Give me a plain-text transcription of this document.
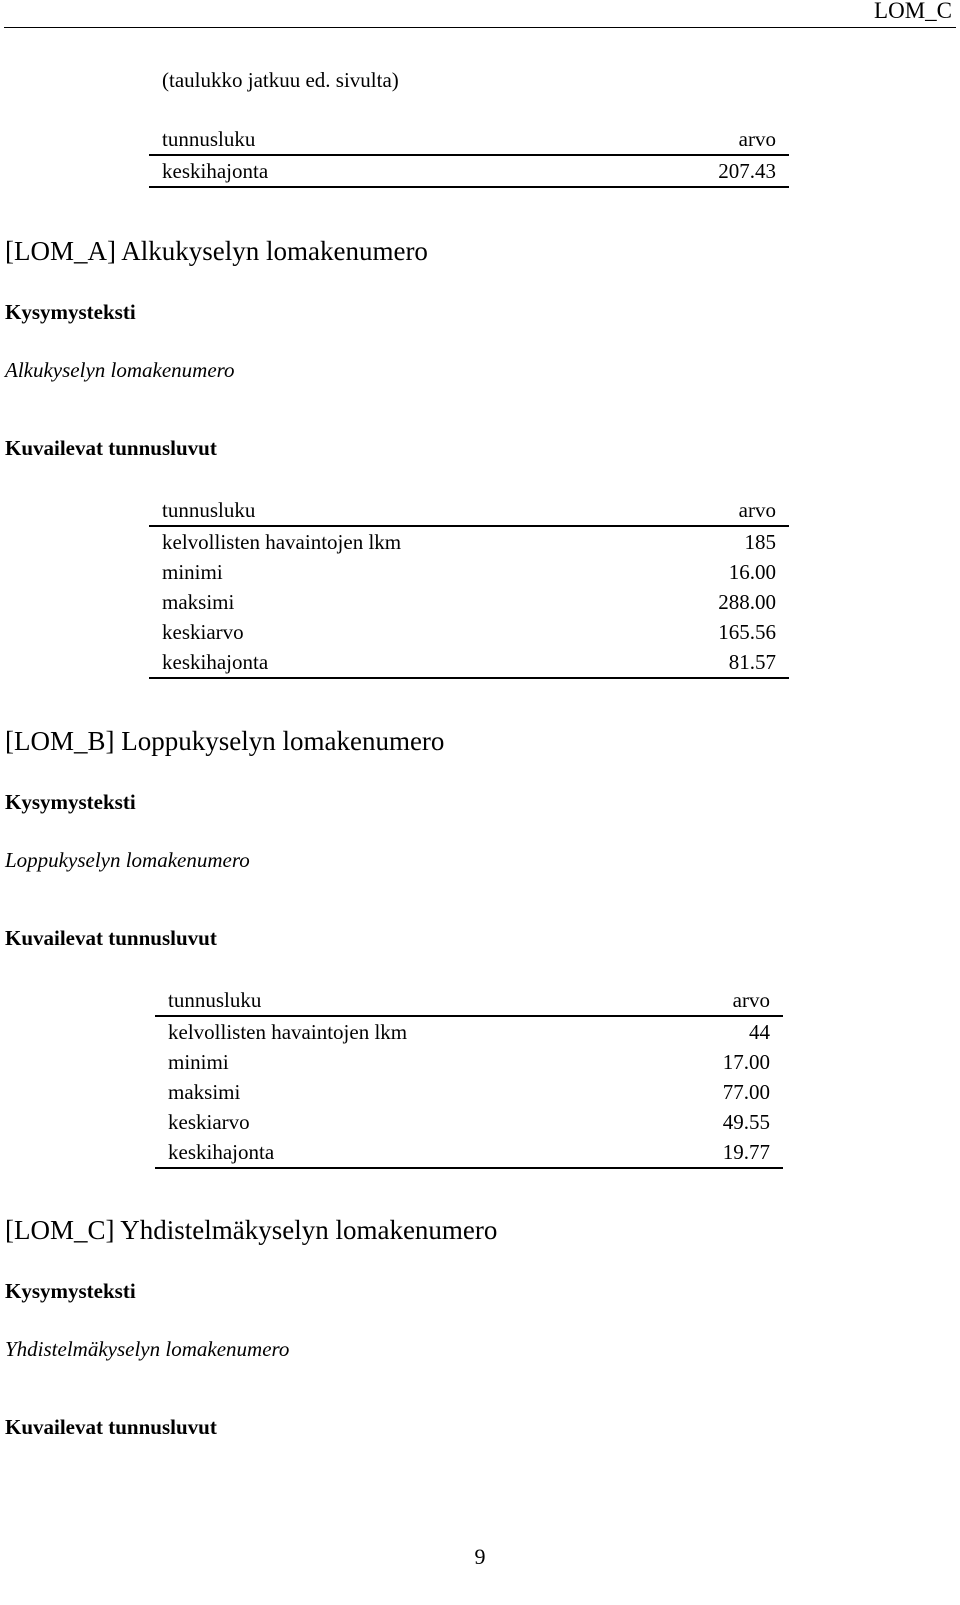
LOM_C
(taulukko jatkuu ed. sivulta)
tunnusluku	arvo
keskihajonta	207.43
[LOM_A] Alkukyselyn lomakenumero
Kysymysteksti
Alkukyselyn lomakenumero
Kuvailevat tunnusluvut
tunnusluku	arvo
kelvollisten havaintojen lkm	185
minimi	16.00
maksimi	288.00
keskiarvo	165.56
keskihajonta	81.57
[LOM_B] Loppukyselyn lomakenumero
Kysymysteksti
Loppukyselyn lomakenumero
Kuvailevat tunnusluvut
tunnusluku	arvo
kelvollisten havaintojen lkm	44
minimi	17.00
maksimi	77.00
keskiarvo	49.55
keskihajonta	19.77
[LOM_C] Yhdistelmäkyselyn lomakenumero
Kysymysteksti
Yhdistelmäkyselyn lomakenumero
Kuvailevat tunnusluvut
9
